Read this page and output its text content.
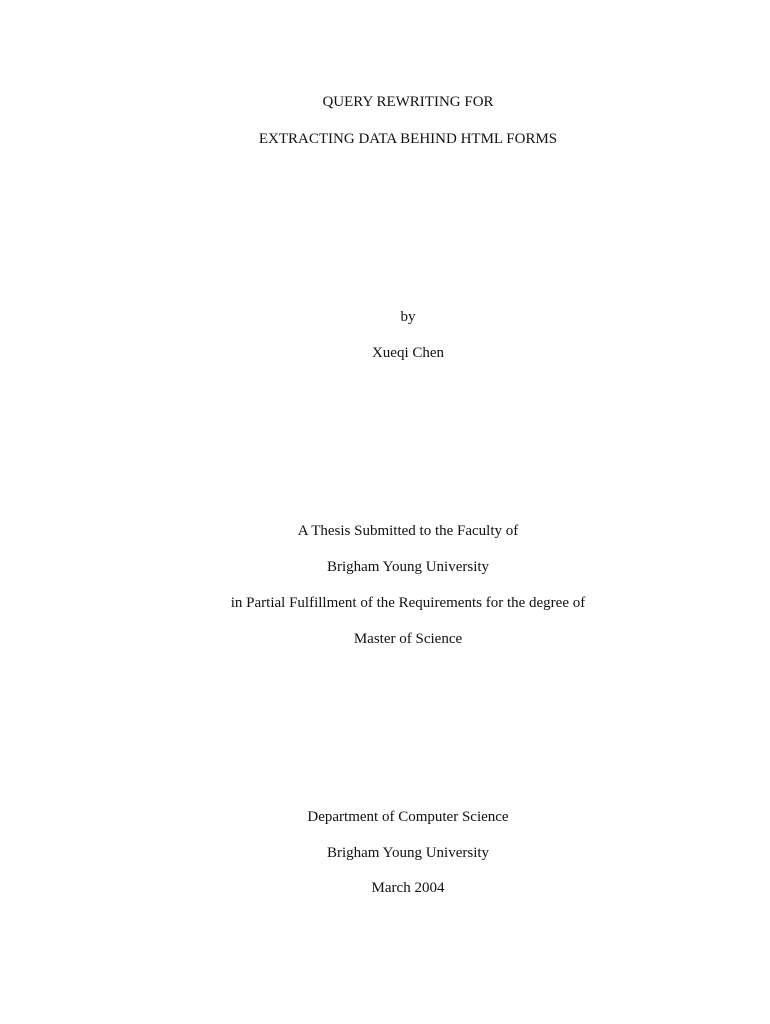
QUERY REWRITING FOR
EXTRACTING DATA BEHIND HTML FORMS
by
Xueqi Chen
A Thesis Submitted to the Faculty of
Brigham Young University
in Partial Fulfillment of the Requirements for the degree of
Master of Science
Department of Computer Science
Brigham Young University
March 2004
